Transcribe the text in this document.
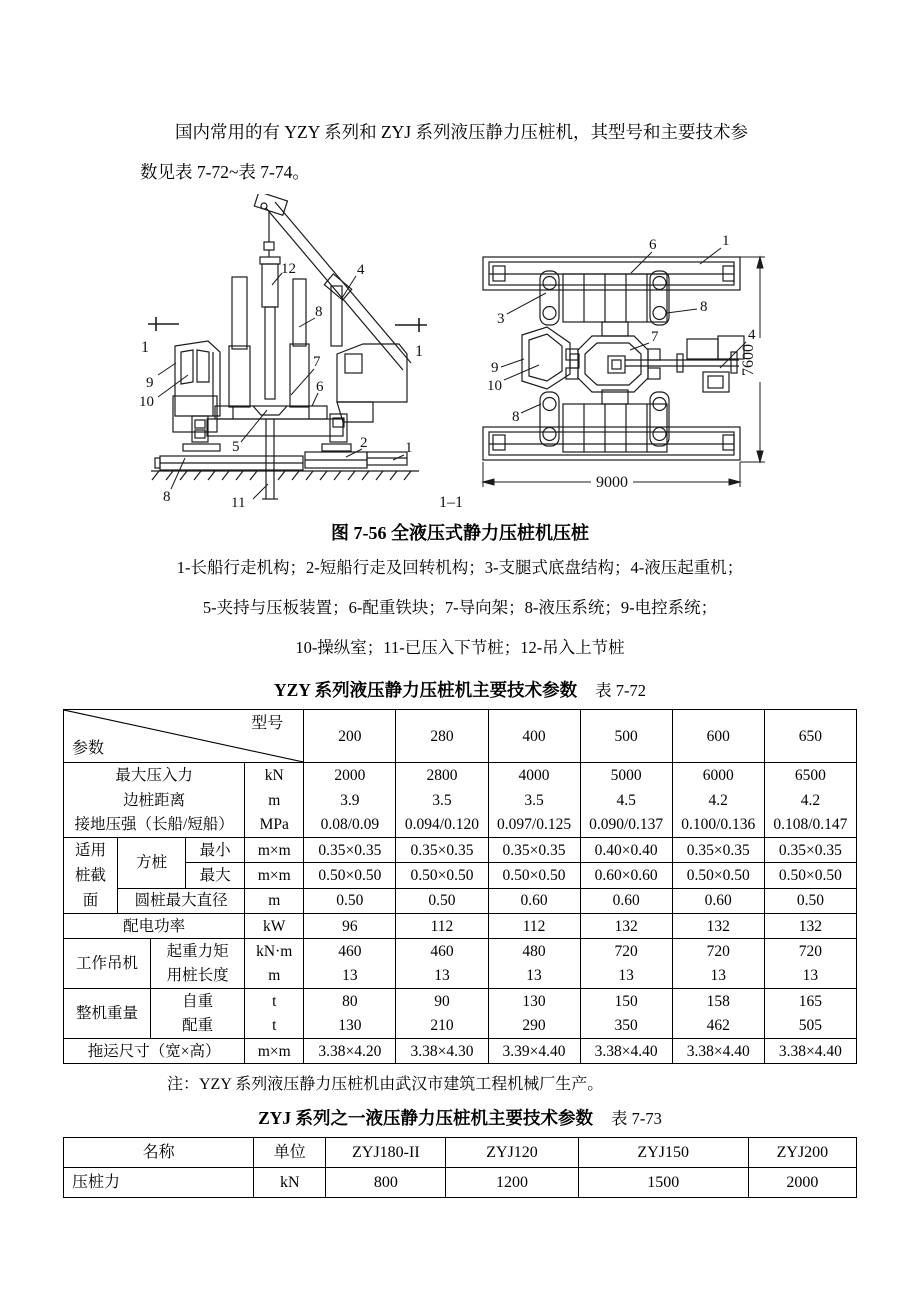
国内常用的有 YZY 系列和 ZYJ 系列液压静力压桩机，其型号和主要技术参
数见表 7-72~表 7-74。

12	4
8
7
6
9
10
5	2	1
8	11
1	1
1–1
9000
7600
6	1
3
8
7	4
9
10
8
图 7-56 全液压式静力压桩机压桩
1-长船行走机构；2-短船行走及回转机构；3-支腿式底盘结构；4-液压起重机；
5-夹持与压板装置；6-配重铁块；7-导向架；8-液压系统；9-电控系统；
10-操纵室；11-已压入下节桩；12-吊入上节桩
YZY 系列液压静力压桩机主要技术参数 表 7-72
型号
参数					200	280	400	500	600	650
最大压入力				kN	2000	2800	4000	5000	6000	6500
边桩距离				m	3.9	3.5	3.5	4.5	4.2	4.2
接地压强（长船/短船）				MPa	0.08/0.09	0.094/0.120	0.097/0.125	0.090/0.137	0.100/0.136	0.108/0.147

适用
桩截
面	方桩		最小	m×m	0.35×0.35	0.35×0.35	0.35×0.35	0.40×0.40	0.35×0.35	0.35×0.35
			最大	m×m	0.50×0.50	0.50×0.50	0.50×0.50	0.60×0.60	0.50×0.50	0.50×0.50
	圆桩最大直径			m	0.50	0.50	0.60	0.60	0.60	0.50
配电功率				kW	96	112	112	132	132	132
工作吊机		起重力矩		kN·m	460	460	480	720	720	720
		用桩长度		m	13	13	13	13	13	13
整机重量		自重		t	80	90	130	150	158	165
		配重		t	130	210	290	350	462	505
拖运尺寸（宽×高）				m×m	3.38×4.20	3.38×4.30	3.39×4.40	3.38×4.40	3.38×4.40	3.38×4.40
注：YZY 系列液压静力压桩机由武汉市建筑工程机械厂生产。
ZYJ 系列之一液压静力压桩机主要技术参数 表 7-73
名称	单位	ZYJ180-II	ZYJ120	ZYJ150	ZYJ200
压桩力	kN	800	1200	1500	2000
